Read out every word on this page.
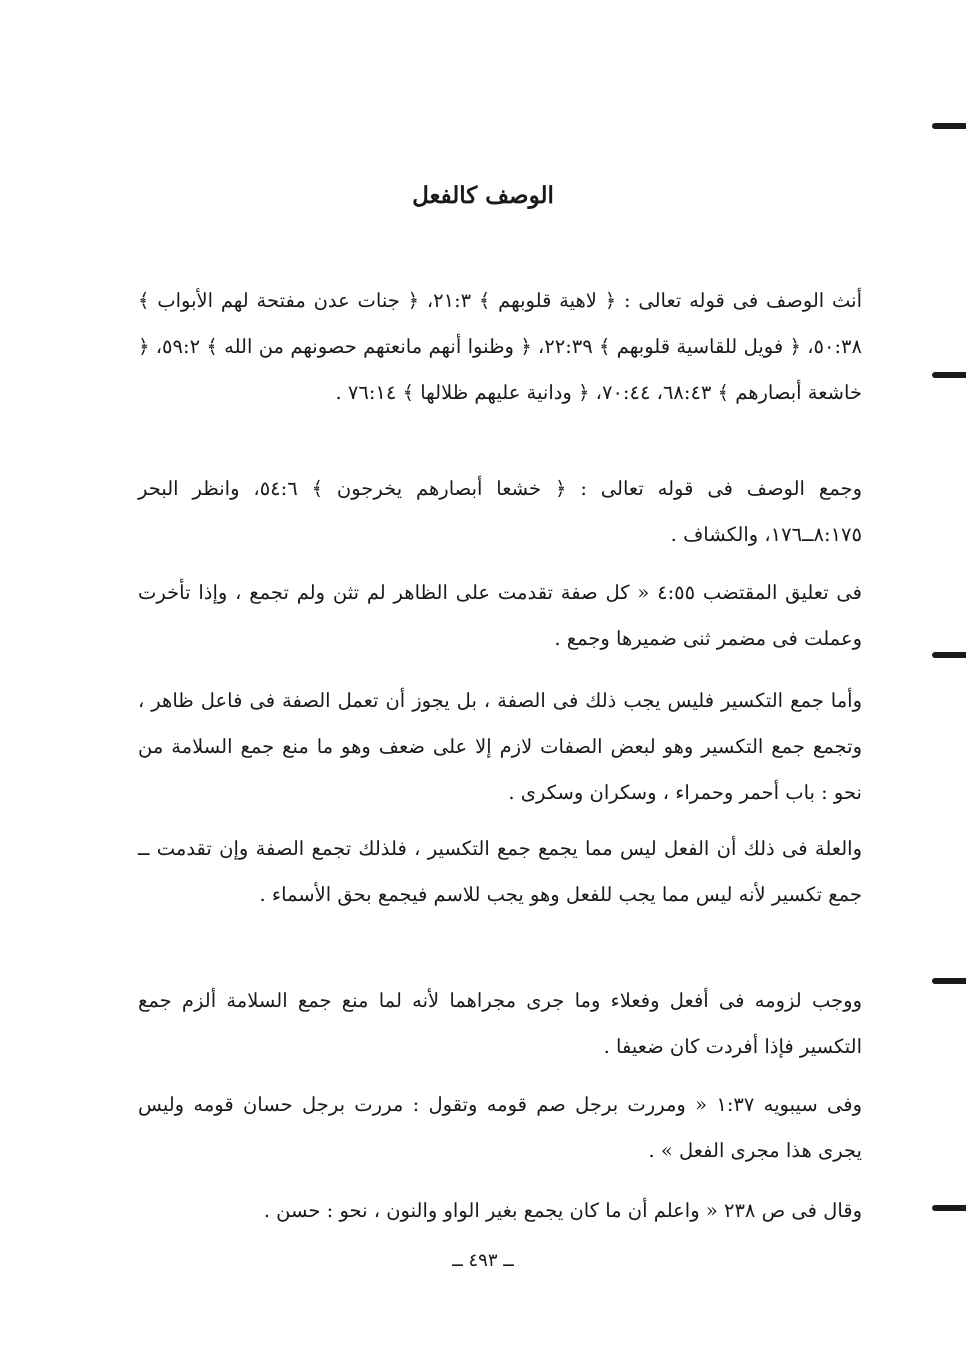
الوصف كالفعل

أنث الوصف فى قوله تعالى : ﴿ لاهية قلوبهم ﴾ ٢١:٣، ﴿ جنات عدن مفتحة لهم الأبواب ﴾ ٥٠:٣٨، ﴿ فويل للقاسية قلوبهم ﴾ ٢٢:٣٩، ﴿ وظنوا أنهم مانعتهم حصونهم من الله ﴾ ٥٩:٢، ﴿ خاشعة أبصارهم ﴾ ٦٨:٤٣، ٧٠:٤٤، ﴿ ودانية عليهم ظلالها ﴾ ٧٦:١٤ .

وجمع الوصف فى قوله تعالى : ﴿ خشعا أبصارهم يخرجون ﴾ ٥٤:٦، وانظر البحر ٨:١٧٥ــ١٧٦، والكشاف .

فى تعليق المقتضب ٤:٥٥ « كل صفة تقدمت على الظاهر لم تثن ولم تجمع ، وإذا تأخرت وعملت فى مضمر ثنى ضميرها وجمع .

وأما جمع التكسير فليس يجب ذلك فى الصفة ، بل يجوز أن تعمل الصفة فى فاعل ظاهر ، وتجمع جمع التكسير وهو لبعض الصفات لازم إلا على ضعف وهو ما منع جمع السلامة من نحو : باب أحمر وحمراء ، وسكران وسكرى .

والعلة فى ذلك أن الفعل ليس مما يجمع جمع التكسير ، فلذلك تجمع الصفة وإن تقدمت ــ جمع تكسير لأنه ليس مما يجب للفعل وهو يجب للاسم فيجمع بحق الأسماء .

ووجب لزومه فى أفعل وفعلاء وما جرى مجراهما لأنه لما منع جمع السلامة ألزم جمع التكسير فإذا أفردت كان ضعيفا .

وفى سيبويه ١:٣٧ « ومررت برجل صم قومه وتقول : مررت برجل حسان قومه وليس يجرى هذا مجرى الفعل » .

وقال فى ص ٢٣٨ « واعلم أن ما كان يجمع بغير الواو والنون ، نحو : حسن .

ــ ٤٩٣ ــ
